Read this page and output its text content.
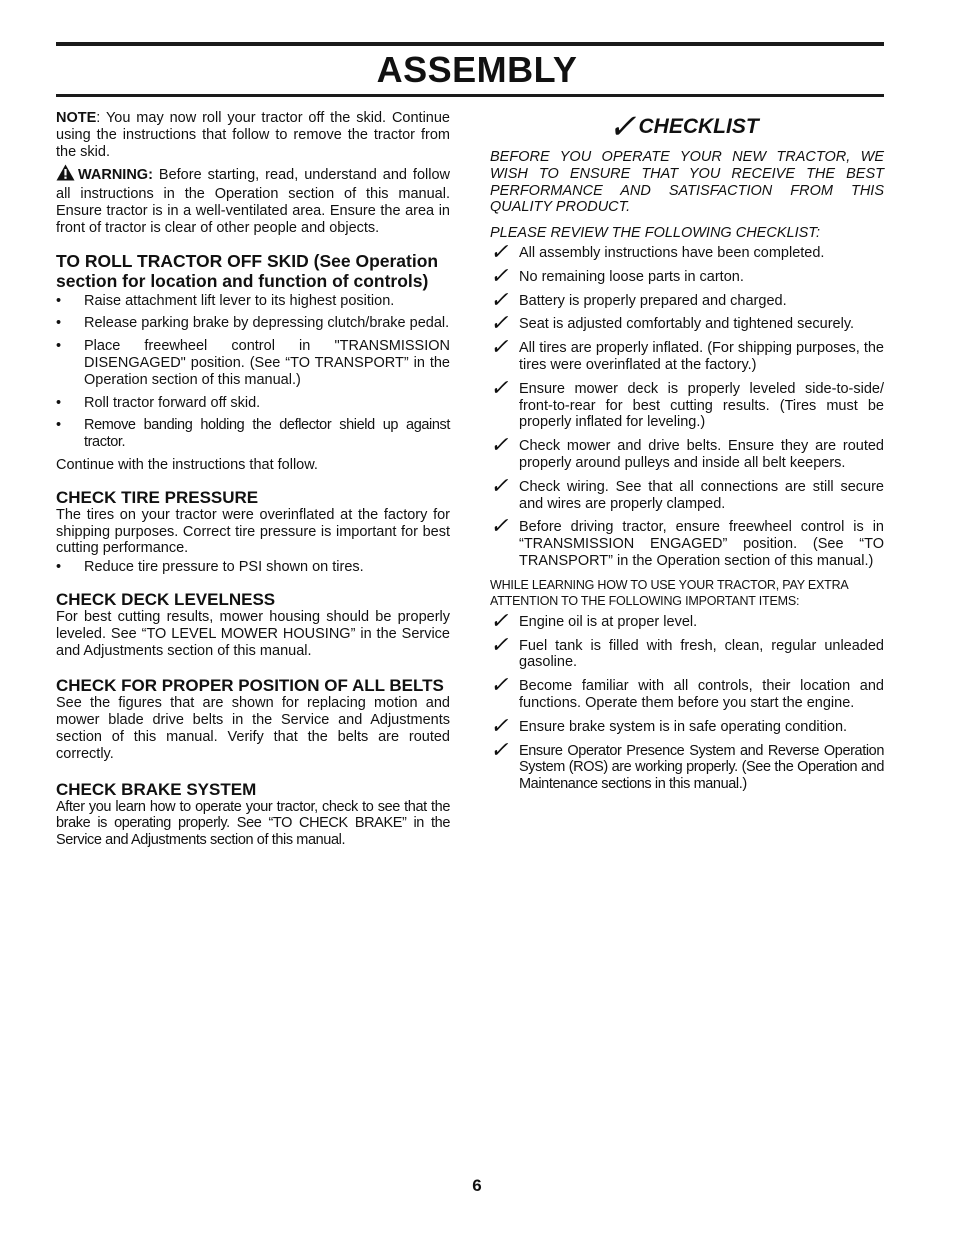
ASSEMBLY

NOTE: You may now roll your tractor off the skid. Continue using the instructions that follow to remove the tractor from the skid.

WARNING: Before starting, read, understand and follow all instructions in the Operation section of this manual. Ensure tractor is in a well-ventilated area. Ensure the area in front of tractor is clear of other people and objects.

TO ROLL TRACTOR OFF SKID (See Operation section for location and function of controls)
• Raise attachment lift lever to its highest position.
• Release parking brake by depressing clutch/brake pedal.
• Place freewheel control in "TRANSMISSION DISENGAGED" position. (See “TO TRANSPORT” in the Operation section of this manual.)
• Roll tractor forward off skid.
• Remove banding holding the deflector shield up against tractor.

Continue with the instructions that follow.

CHECK TIRE PRESSURE

The tires on your tractor were overinflated at the factory for shipping purposes. Correct tire pressure is important for best cutting performance.

• Reduce tire pressure to PSI shown on tires.
CHECK DECK LEVELNESS

For best cutting results, mower housing should be properly leveled. See “TO LEVEL MOWER HOUSING” in the Service and Adjustments section of this manual.

CHECK FOR PROPER POSITION OF ALL BELTS

See the figures that are shown for replacing motion and mower blade drive belts in the Service and Adjustments section of this manual. Verify that the belts are routed correctly.

CHECK BRAKE SYSTEM

After you learn how to operate your tractor, check to see that the brake is operating properly. See “TO CHECK BRAKE” in the Service and Adjustments section of this manual.

✓ CHECKLIST

BEFORE YOU OPERATE YOUR NEW TRACTOR, WE WISH TO ENSURE THAT YOU RECEIVE THE BEST PERFORMANCE AND SATISFACTION FROM THIS QUALITY PRODUCT.

PLEASE REVIEW THE FOLLOWING CHECKLIST:

✓ All assembly instructions have been completed.
✓ No remaining loose parts in carton.
✓ Battery is properly prepared and charged.
✓ Seat is adjusted comfortably and tightened securely.
✓ All tires are properly inflated. (For shipping purposes, the tires were overinflated at the factory.)
✓ Ensure mower deck is properly leveled side-to-side/ front-to-rear for best cutting results. (Tires must be properly inflated for leveling.)
✓ Check mower and drive belts. Ensure they are routed properly around pulleys and inside all belt keepers.
✓ Check wiring. See that all connections are still secure and wires are properly clamped.
✓ Before driving tractor, ensure freewheel control is in “TRANSMISSION ENGAGED” position. (See “TO TRANSPORT” in the Operation section of this manual.)

WHILE LEARNING HOW TO USE YOUR TRACTOR, PAY EXTRA ATTENTION TO THE FOLLOWING IMPORTANT ITEMS:

✓ Engine oil is at proper level.
✓ Fuel tank is filled with fresh, clean, regular unleaded gasoline.
✓ Become familiar with all controls, their location and functions. Operate them before you start the engine.
✓ Ensure brake system is in safe operating condition.
✓ Ensure Operator Presence System and Reverse Operation System (ROS) are working properly. (See the Operation and Maintenance sections in this manual.)
6
